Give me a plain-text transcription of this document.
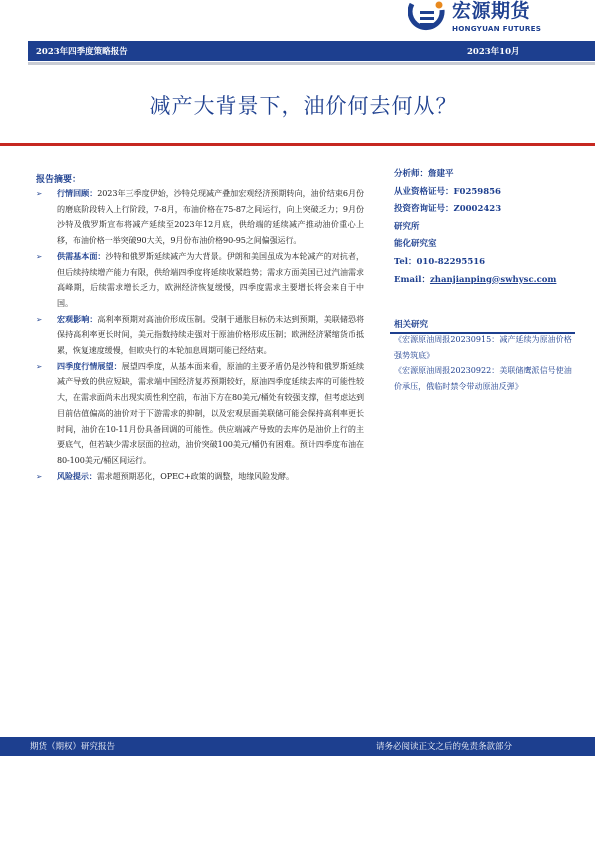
宏源期货
HONGYUAN FUTURES
2023年四季度策略报告	2023年10月
减产大背景下，油价何去何从？
报告摘要：
➢ 行情回顾：2023年三季度伊始，沙特兑现减产叠加宏观经济预期转向，油价结束6月份的磨底阶段转入上行阶段，7-8月，布油价格在75-87之间运行，向上突破乏力；9月份沙特及俄罗斯宣布将减产延续至2023年12月底，供给端的延续减产推动油价重心上移，布油价格一举突破90大关，9月份布油价格90-95之间偏强运行。
➢ 供需基本面：沙特和俄罗斯延续减产为大背景。伊朗和美国虽成为本轮减产的对抗者，但后续持续增产能力有限，供给端四季度将延续收紧趋势；需求方面美国已过汽油需求高峰期，后续需求增长乏力，欧洲经济恢复缓慢，四季度需求主要增长将会来自于中国。
➢ 宏观影响：高利率预期对高油价形成压制。受制于通胀目标仍未达到预期，美联储恐将保持高利率更长时间，美元指数持续走强对于原油价格形成压制；欧洲经济紧缩货币抵累，恢复速度缓慢，但欧央行的本轮加息周期可能已经结束。
➢ 四季度行情展望：展望四季度，从基本面来看，原油的主要矛盾仍是沙特和俄罗斯延续减产导致的供应短缺，需求端中国经济复苏预期较好，原油四季度延续去库的可能性较大，在需求面尚未出现实质性利空前，布油下方在80美元/桶处有较强支撑，但考虑达到目前估值偏高的油价对于下游需求的抑制，以及宏观层面美联储可能会保持高利率更长时间，油价在10-11月份具备回调的可能性。供应端减产导致的去库仍是油价上行的主要底气，但若缺少需求层面的拉动，油价突破100美元/桶仍有困难。预计四季度布油在80-100美元/桶区间运行。
➢ 风险提示：需求超预期恶化，OPEC+政策的调整，地缘风险发酵。
分析师：詹建平
从业资格证号：F0259856
投资咨询证号：Z0002423
研究所
能化研究室
Tel：010-82295516
Email：zhanjianping@swhysc.com
相关研究
《宏源原油周报20230915：减产延续为原油价格强势筑底》
《宏源原油周报20230922：美联储鹰派信号使油价承压，俄临时禁令带动原油反弹》
期货（期权）研究报告	请务必阅读正文之后的免责条款部分
